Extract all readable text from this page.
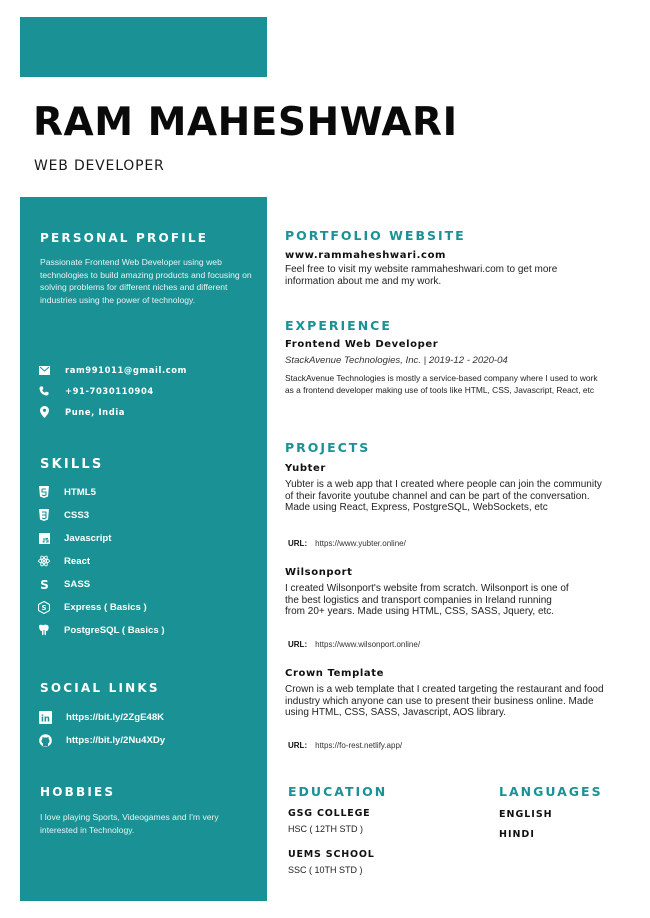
RAM MAHESHWARI
WEB DEVELOPER
PERSONAL PROFILE
Passionate Frontend Web Developer using web technologies to build amazing products and focusing on solving problems for different niches and different industries using the power of technology.
ram991011@gmail.com
+91-7030110904
Pune, India
SKILLS
HTML5
CSS3
Javascript
React
S SASS
S Express ( Basics )
PostgreSQL ( Basics )
SOCIAL LINKS
in https://bit.ly/2ZgE48K
https://bit.ly/2Nu4XDy
HOBBIES
I love playing Sports, Videogames and I'm very interested in Technology.
PORTFOLIO WEBSITE
www.rammaheshwari.com
Feel free to visit my website rammaheshwari.com to get more information about me and my work.
EXPERIENCE
Frontend Web Developer
StackAvenue Technologies, Inc. | 2019-12 - 2020-04
StackAvenue Technologies is mostly a service-based company where I used to work as a frontend developer making use of tools like HTML, CSS, Javascript, React, etc
PROJECTS
Yubter
Yubter is a web app that I created where people can join the community of their favorite youtube channel and can be part of the conversation. Made using React, Express, PostgreSQL, WebSockets, etc
URL: https://www.yubter.online/
Wilsonport
I created Wilsonport's website from scratch. Wilsonport is one of the best logistics and transport companies in Ireland running from 20+ years. Made using HTML, CSS, SASS, Jquery, etc.
URL: https://www.wilsonport.online/
Crown Template
Crown is a web template that I created targeting the restaurant and food industry which anyone can use to present their business online. Made using HTML, CSS, SASS, Javascript, AOS library.
URL: https://fo-rest.netlify.app/
EDUCATION
GSG COLLEGE
HSC ( 12TH STD )
UEMS SCHOOL
SSC ( 10TH STD )
LANGUAGES
ENGLISH
HINDI
